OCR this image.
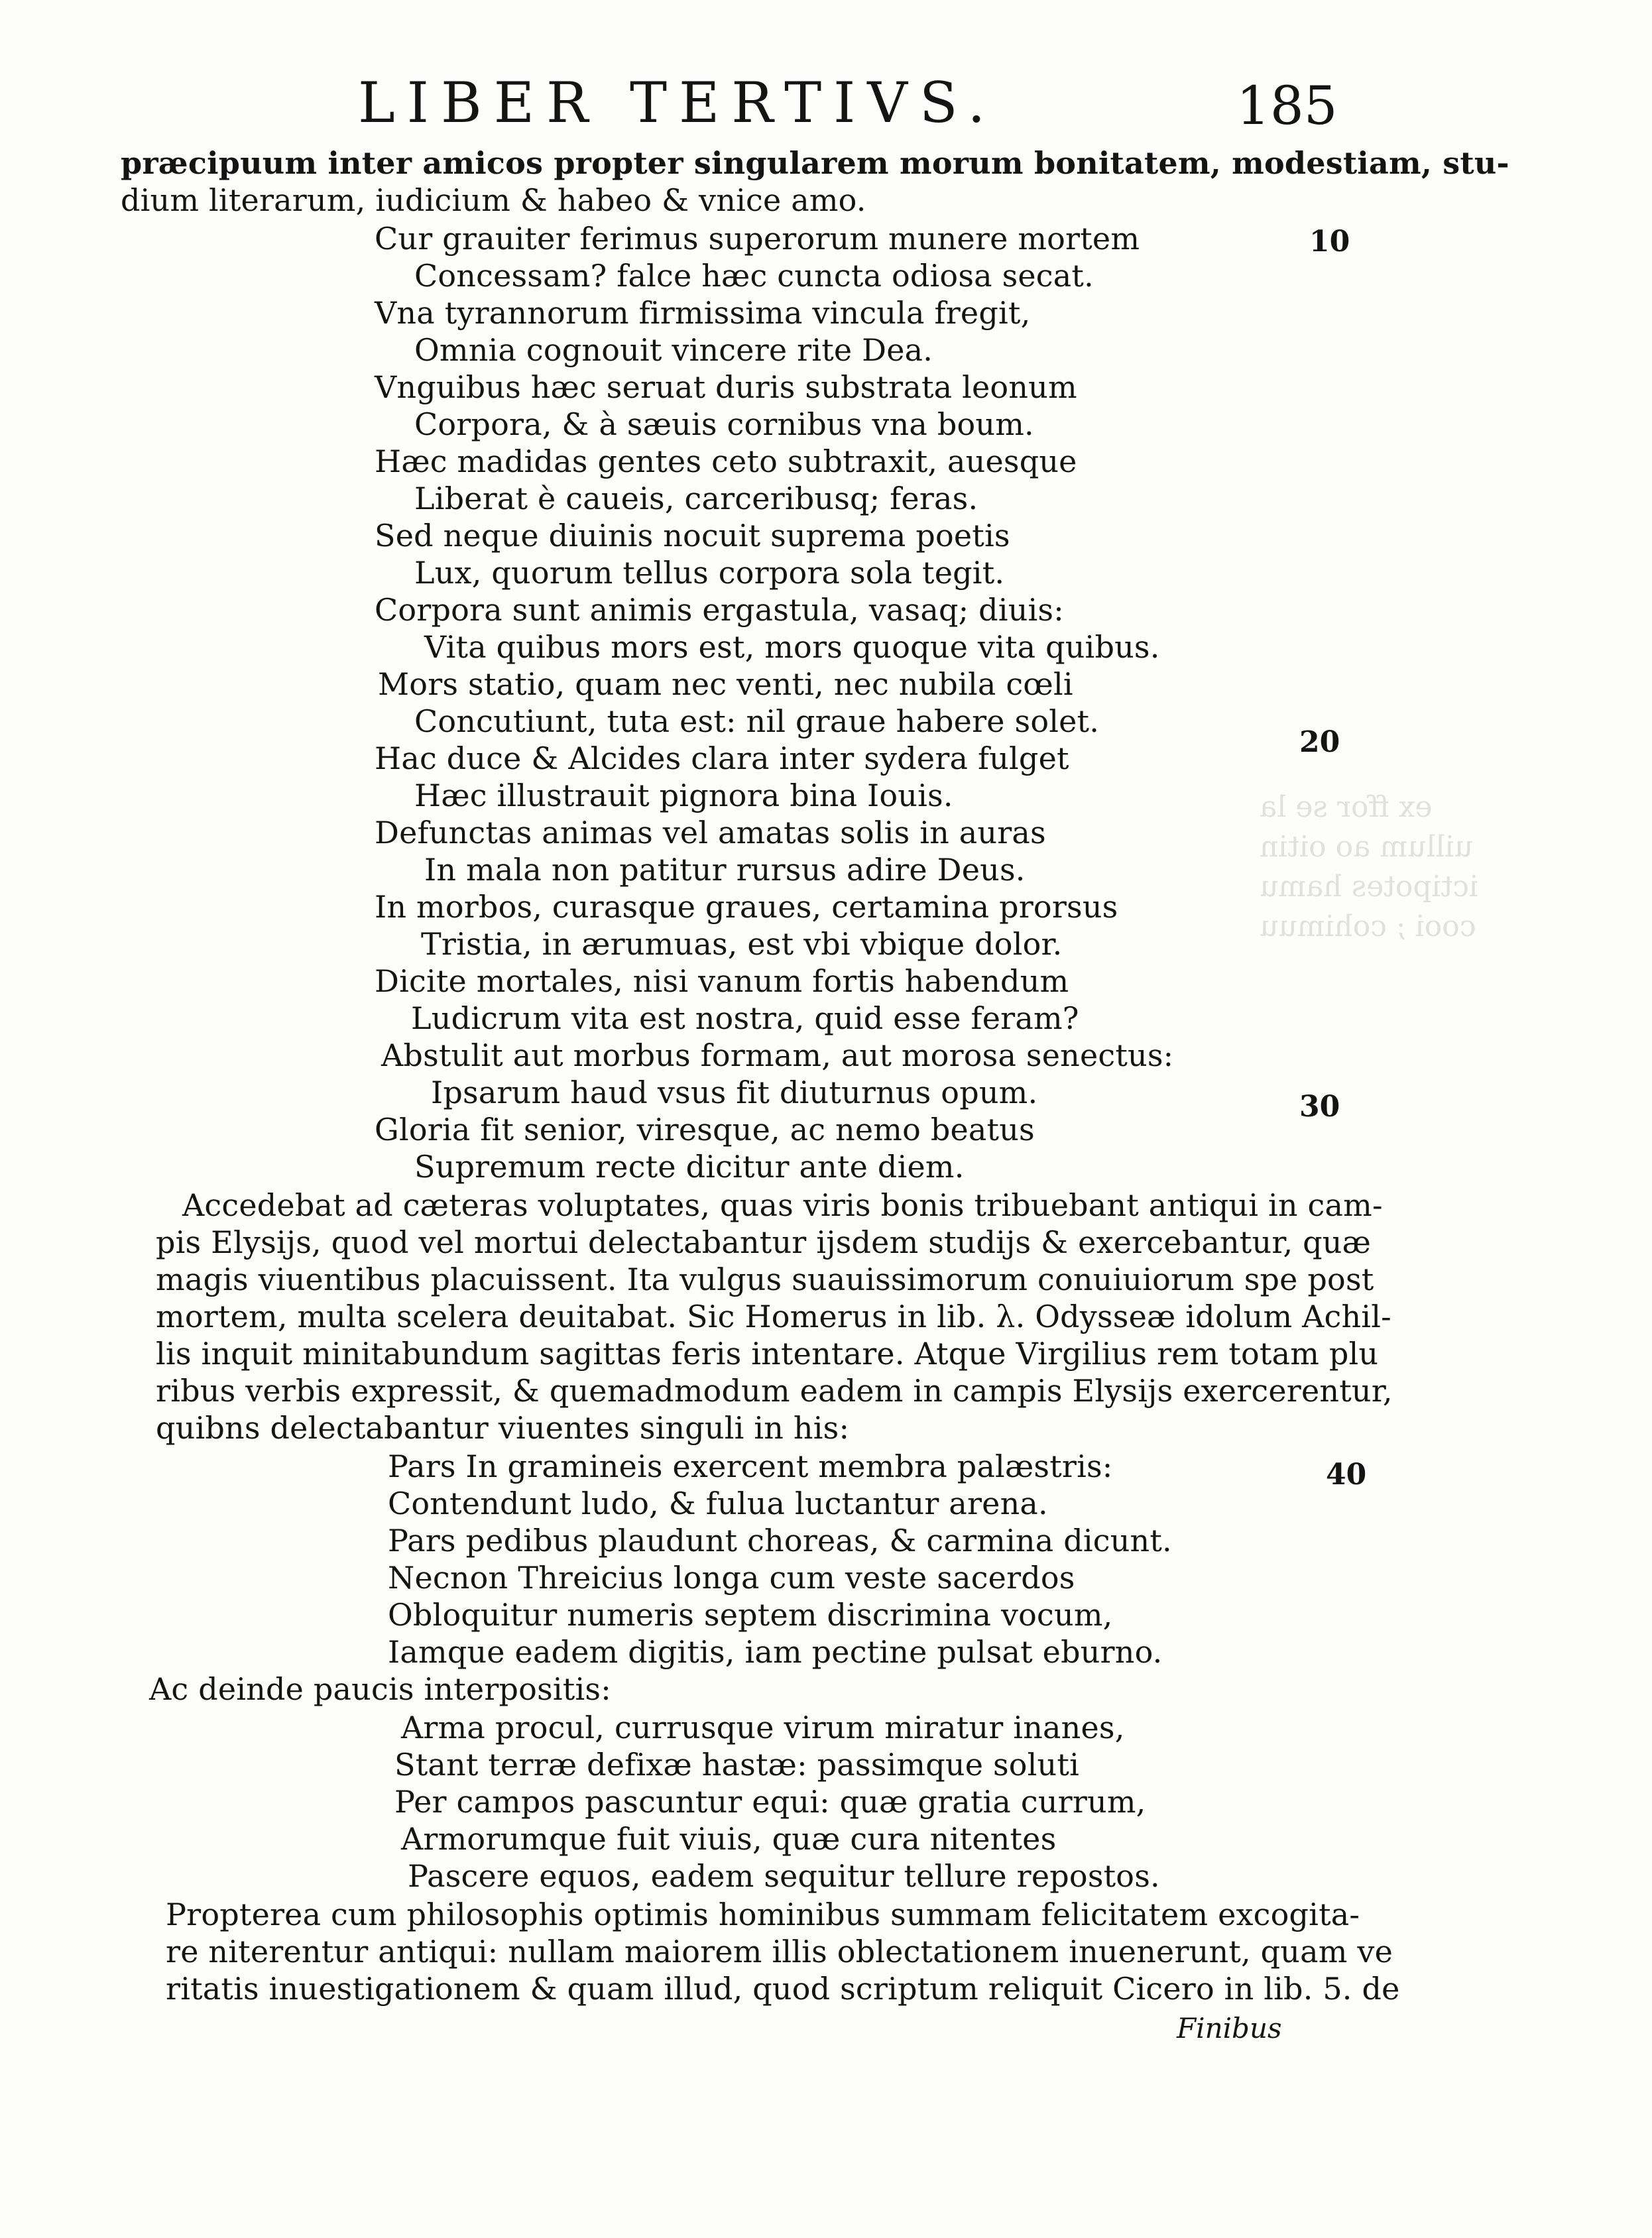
ex ffor se la
uillum ao oitin
ictipotes hamu
cooi ; cohimuu
LIBER TERTIVS.	185
præcipuum inter amicos propter singularem morum bonitatem, modestiam, stu-
dium literarum, iudicium & habeo & vnice amo.
Cur grauiter ferimus superorum munere mortem
Concessam? falce hæc cuncta odiosa secat.
Vna tyrannorum firmissima vincula fregit,
Omnia cognouit vincere rite Dea.
Vnguibus hæc seruat duris substrata leonum
Corpora, & à sæuis cornibus vna boum.
Hæc madidas gentes ceto subtraxit, auesque
Liberat è caueis, carceribusq; feras.
Sed neque diuinis nocuit suprema poetis
Lux, quorum tellus corpora sola tegit.
Corpora sunt animis ergastula, vasaq; diuis:
Vita quibus mors est, mors quoque vita quibus.
Mors statio, quam nec venti, nec nubila cœli
Concutiunt, tuta est: nil graue habere solet.
Hac duce & Alcides clara inter sydera fulget
Hæc illustrauit pignora bina Iouis.
Defunctas animas vel amatas solis in auras
In mala non patitur rursus adire Deus.
In morbos, curasque graues, certamina prorsus
Tristia, in ærumuas, est vbi vbique dolor.
Dicite mortales, nisi vanum fortis habendum
Ludicrum vita est nostra, quid esse feram?
Abstulit aut morbus formam, aut morosa senectus:
Ipsarum haud vsus fit diuturnus opum.
Gloria fit senior, viresque, ac nemo beatus
Supremum recte dicitur ante diem.
Accedebat ad cæteras voluptates, quas viris bonis tribuebant antiqui in cam-
pis Elysijs, quod vel mortui delectabantur ijsdem studijs & exercebantur, quæ
magis viuentibus placuissent. Ita vulgus suauissimorum conuiuiorum spe post
mortem, multa scelera deuitabat. Sic Homerus in lib. λ. Odysseæ idolum Achil-
lis inquit minitabundum sagittas feris intentare. Atque Virgilius rem totam plu
ribus verbis expressit, & quemadmodum eadem in campis Elysijs exercerentur,
quibns delectabantur viuentes singuli in his:
Pars In gramineis exercent membra palæstris:
Contendunt ludo, & fulua luctantur arena.
Pars pedibus plaudunt choreas, & carmina dicunt.
Necnon Threicius longa cum veste sacerdos
Obloquitur numeris septem discrimina vocum,
Iamque eadem digitis, iam pectine pulsat eburno.
Ac deinde paucis interpositis:
Arma procul, currusque virum miratur inanes,
Stant terræ defixæ hastæ: passimque soluti
Per campos pascuntur equi: quæ gratia currum,
Armorumque fuit viuis, quæ cura nitentes
Pascere equos, eadem sequitur tellure repostos.
Propterea cum philosophis optimis hominibus summam felicitatem excogita-
re niterentur antiqui: nullam maiorem illis oblectationem inuenerunt, quam ve
ritatis inuestigationem & quam illud, quod scriptum reliquit Cicero in lib. 5. de
Finibus
10
20
30
40
